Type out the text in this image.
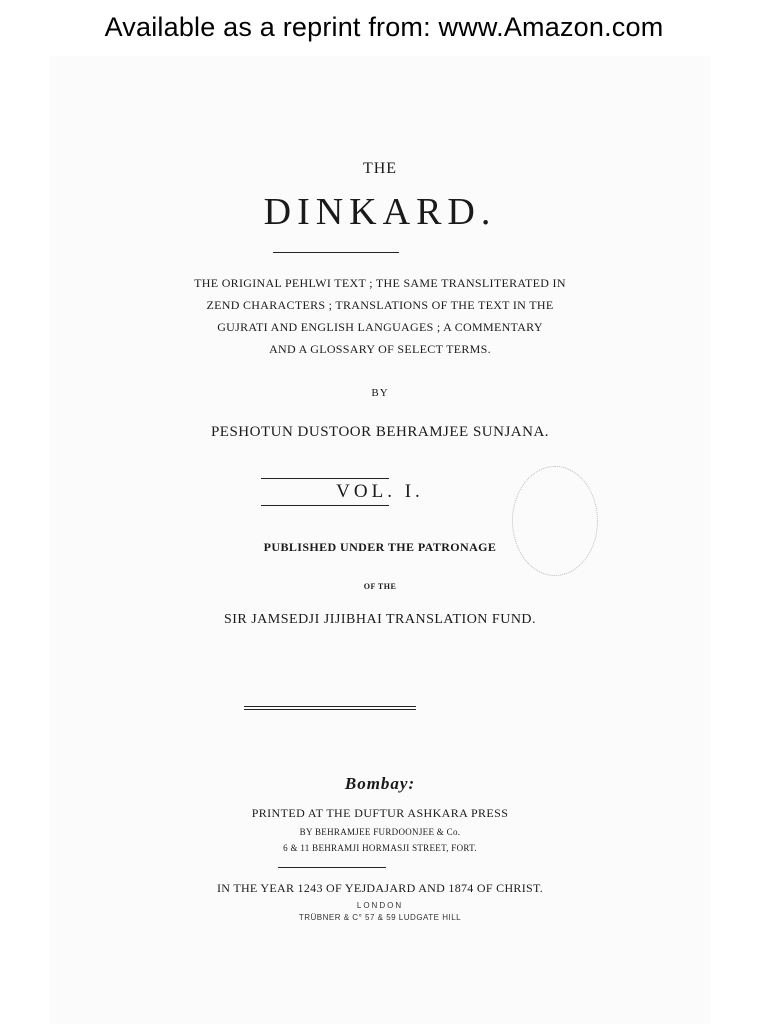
Available as a reprint from: www.Amazon.com
THE
DINKARD.
THE ORIGINAL PEHLWI TEXT ; THE SAME TRANSLITERATED IN
ZEND CHARACTERS ; TRANSLATIONS OF THE TEXT IN THE
GUJRATI AND ENGLISH LANGUAGES ; A COMMENTARY
AND A GLOSSARY OF SELECT TERMS.
BY
PESHOTUN DUSTOOR BEHRAMJEE SUNJANA.
VOL. I.
PUBLISHED UNDER THE PATRONAGE
OF THE
SIR JAMSEDJI JIJIBHAI TRANSLATION FUND.
Bombay:
PRINTED AT THE DUFTUR ASHKARA PRESS
BY BEHRAMJEE FURDOONJEE & Co.
6 & 11 BEHRAMJI HORMASJI STREET, FORT.
IN THE YEAR 1243 OF YEJDAJARD AND 1874 OF CHRIST.
LONDON
TRÜBNER & C° 57 & 59 LUDGATE HILL
